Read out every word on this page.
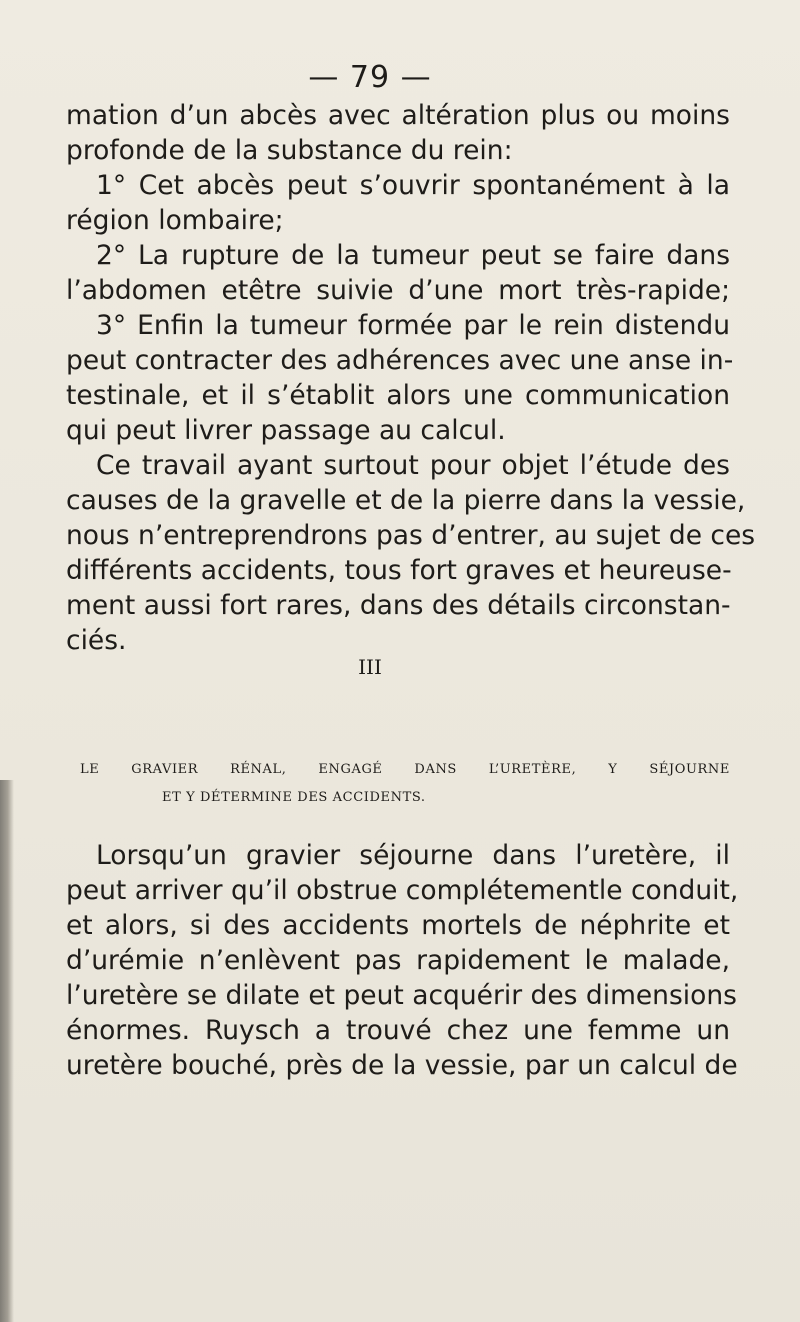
— 79 —
mation d’un abcès avec altération plus ou moins
profonde de la substance du rein:
1° Cet abcès peut s’ouvrir spontanément à la
région lombaire;
2° La rupture de la tumeur peut se faire dans
l’abdomen etêtre suivie d’une mort très-rapide;
3° Enfin la tumeur formée par le rein distendu
peut contracter des adhérences avec une anse in-
testinale, et il s’établit alors une communication
qui peut livrer passage au calcul.
Ce travail ayant surtout pour objet l’étude des
causes de la gravelle et de la pierre dans la vessie,
nous n’entreprendrons pas d’entrer, au sujet de ces
différents accidents, tous fort graves et heureuse-
ment aussi fort rares, dans des détails circonstan-
ciés.
III
LE GRAVIER RÉNAL, ENGAGÉ DANS L’URETÈRE, Y SÉJOURNE
ET Y DÉTERMINE DES ACCIDENTS.
Lorsqu’un gravier séjourne dans l’uretère, il
peut arriver qu’il obstrue complétementle conduit,
et alors, si des accidents mortels de néphrite et
d’urémie n’enlèvent pas rapidement le malade,
l’uretère se dilate et peut acquérir des dimensions
énormes. Ruysch a trouvé chez une femme un
uretère bouché, près de la vessie, par un calcul de
